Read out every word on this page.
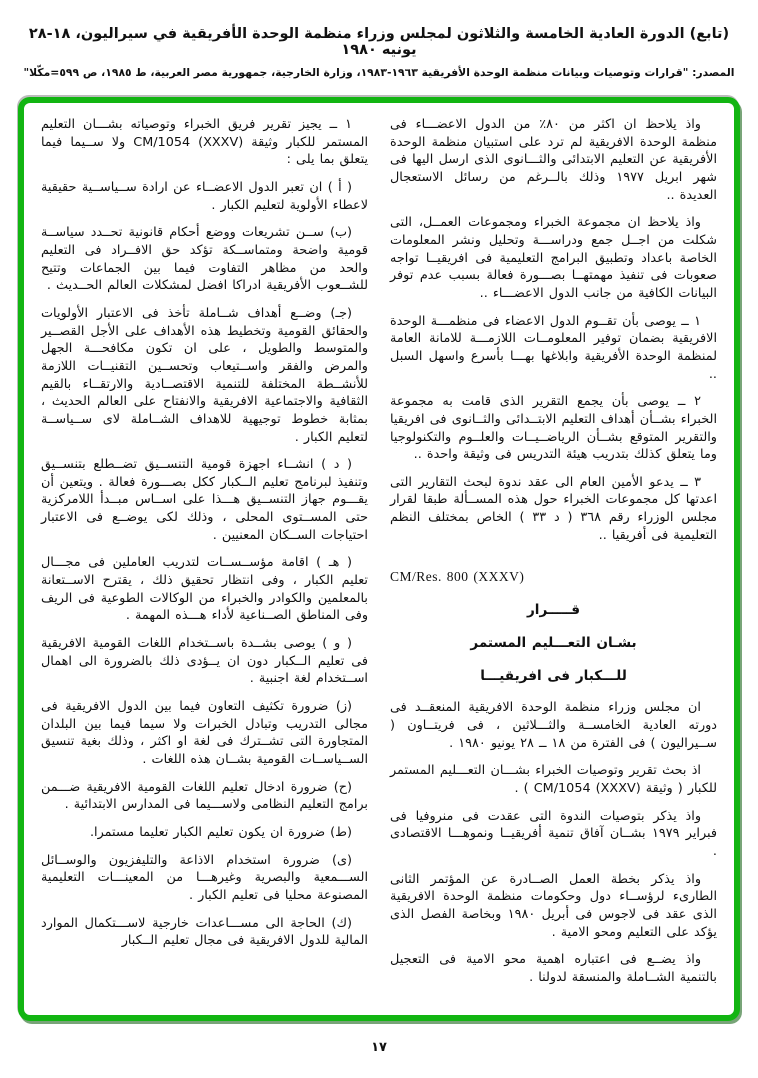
(تابع) الدورة العادية الخامسة والثلاثون لمجلس وزراء منظمة الوحدة الأفريقية في سيراليون، ١٨-٢٨ يونيه ١٩٨٠
المصدر: "قرارات وتوصيات وبيانات منظمة الوحدة الأفريقية ١٩٦٣-١٩٨٣، وزارة الخارجية، جمهورية مصر العربية، ط ١٩٨٥، ص ٥٩٩=مكّلا"

واذ يلاحظ ان اكثر من ٨٠٪ من الدول الاعضـــاء فى منظمة الوحدة الافريقية لم ترد على استبيان منظمة الوحدة الأفريقية عن التعليم الابتدائى والثـــانوى الذى ارسل اليها فى شهر ابريل ١٩٧٧ وذلك بالــرغم من رسائل الاستعجال العديدة ..

واذ يلاحظ ان مجموعة الخبراء ومجموعات العمــل، التى شكلت من اجــل جمع ودراســـة وتحليل ونشر المعلومات الخاصة باعداد وتطبيق البرامج التعليمية فى افريقيــا تواجه صعوبات فى تنفيذ مهمتهــا بصـــورة فعالة بسبب عدم توفر البيانات الكافية من جانب الدول الاعضـــاء ..

١ ــ يوصى بأن تقــوم الدول الاعضاء فى منظمـــة الوحدة الافريقية بضمان توفير المعلومــات اللازمـــة للامانة العامة لمنظمة الوحدة الأفريقية وابلاغها بهـــا بأسرع واسهل السبل ..

٢ ــ يوصى بأن يجمع التقرير الذى قامت به مجموعة الخبراء بشــأن أهداف التعليم الابتــدائى والثــانوى فى افريقيا والتقرير المتوقع بشــأن الرياضــيــات والعلــوم والتكنولوجيا وما يتعلق كذلك بتدريب هيئة التدريس فى وثيقة واحدة ..

٣ ــ يدعو الأمين العام الى عقد ندوة لبحث التقارير التى اعدتها كل مجموعات الخبراء حول هذه المســألة طبقا لقرار مجلس الوزراء رقم ٣٦٨ ( د ٣٣ ) الخاص بمختلف النظم التعليمية فى أفريقيا ..

CM/Res. 800 (XXXV)

قـــــرار

بشـان التعـــليم المستمر

للـــكبار فى افريقيـــا

ان مجلس وزراء منظمة الوحدة الافريقية المنعقــد فى دورته العادية الخامســة والثـــلاثين ، فى فريتــاون ( ســيراليون ) فى الفترة من ١٨ ــ ٢٨ يونيو ١٩٨٠ .

اذ بحث تقرير وتوصيات الخبراء بشـــان التعـــليم المستمر للكبار ( وثيقة CM/1054 (XXXV) ) .

واذ يذكر بتوصيات الندوة التى عقدت فى منروفيا فى فبراير ١٩٧٩ بشــان آفاق تنمية أفريقيــا ونموهـــا الاقتصادى .

واذ يذكر بخطة العمل الصــادرة عن المؤتمر الثانى الطارىء لرؤســاء دول وحكومات منظمة الوحدة الافريقية الذى عقد فى لاجوس فى أبريل ١٩٨٠ وبخاصة الفصل الذى يؤكد على التعليم ومحو الامية .

واذ يضــع فى اعتباره اهمية محو الامية فى التعجيل بالتنمية الشــاملة والمنسقة لدولنا .

١ ــ يجيز تقرير فريق الخبراء وتوصياته بشـــان التعليم المستمر للكبار وثيقة CM/1054 (XXXV) ولا ســيما فيما يتعلق بما يلى :

( أ ) ان تعبر الدول الاعضــاء عن ارادة ســياســية حقيقية لاعطاء الأولوية لتعليم الكبار .

(ب) ســن تشريعات ووضع أحكام قانونية تحــدد سياســة قومية واضحة ومتماســكة تؤكد حق الافــراد فى التعليم والحد من مظاهر التفاوت فيما بين الجماعات وتتيح للشــعوب الأفريقية ادراكا افضل لمشكلات العالم الحــديث .

(جـ) وضــع أهداف شــاملة تأخذ فى الاعتبار الأولويات والحقائق القومية وتخطيط هذه الأهداف على الأجل القصــير والمتوسط والطويل ، على ان تكون مكافحـــة الجهل والمرض والفقر واســتيعاب وتحســين التقنيــات اللازمة للأنشــطة المختلفة للتنمية الاقتصــادية والارتقــاء بالقيم الثقافية والاجتماعية الافريقية والانفتاح على العالم الحديث ، بمثابة خطوط توجيهية للاهداف الشــاملة لاى ســياســة لتعليم الكبار .

( د ) انشــاء اجهزة قومية التنســيق تضــطلع بتنســيق وتنفيذ لبرنامج تعليم الــكبار ككل بصـــورة فعالة . ويتعين أن يقـــوم جهاز التنســيق هـــذا على اســاس مبــدأ اللامركزية حتى المســتوى المحلى ، وذلك لكى يوضــع فى الاعتبار احتياجات الســكان المعنيين .

( هـ ) اقامة مؤســســات لتدريب العاملين فى مجـــال تعليم الكبار ، وفى انتظار تحقيق ذلك ، يقترح الاســتعانة بالمعلمين والكوادر والخبراء من الوكالات الطوعية فى الريف وفى المناطق الصــناعية لأداء هـــذه المهمة .

( و ) يوصى بشــدة باســتخدام اللغات القومية الافريقية فى تعليم الــكبار دون ان يــؤدى ذلك بالضرورة الى اهمال اســتخدام لغة اجنبية .

(ز) ضرورة تكثيف التعاون فيما بين الدول الافريقية فى مجالى التدريب وتبادل الخبرات ولا سيما فيما بين البلدان المتجاورة التى تشــترك فى لغة او اكثر ، وذلك بغية تنسيق الســياســات القومية بشــان هذه اللغات .

(ح) ضرورة ادخال تعليم اللغات القومية الافريقية ضـــمن برامج التعليم النظامى ولاســـيما فى المدارس الابتدائية .

(ط) ضرورة ان يكون تعليم الكبار تعليما مستمرا.

(ى) ضرورة استخدام الاذاعة والتليفزيون والوســائل الســـمعية والبصرية وغيرهـــا من المعينـــات التعليمية المصنوعة محليا فى تعليم الكبار .

(ك) الحاجة الى مســـاعدات خارجية لاســـتكمال الموارد المالية للدول الافريقية فى مجال تعليم الــكبار

١٧
